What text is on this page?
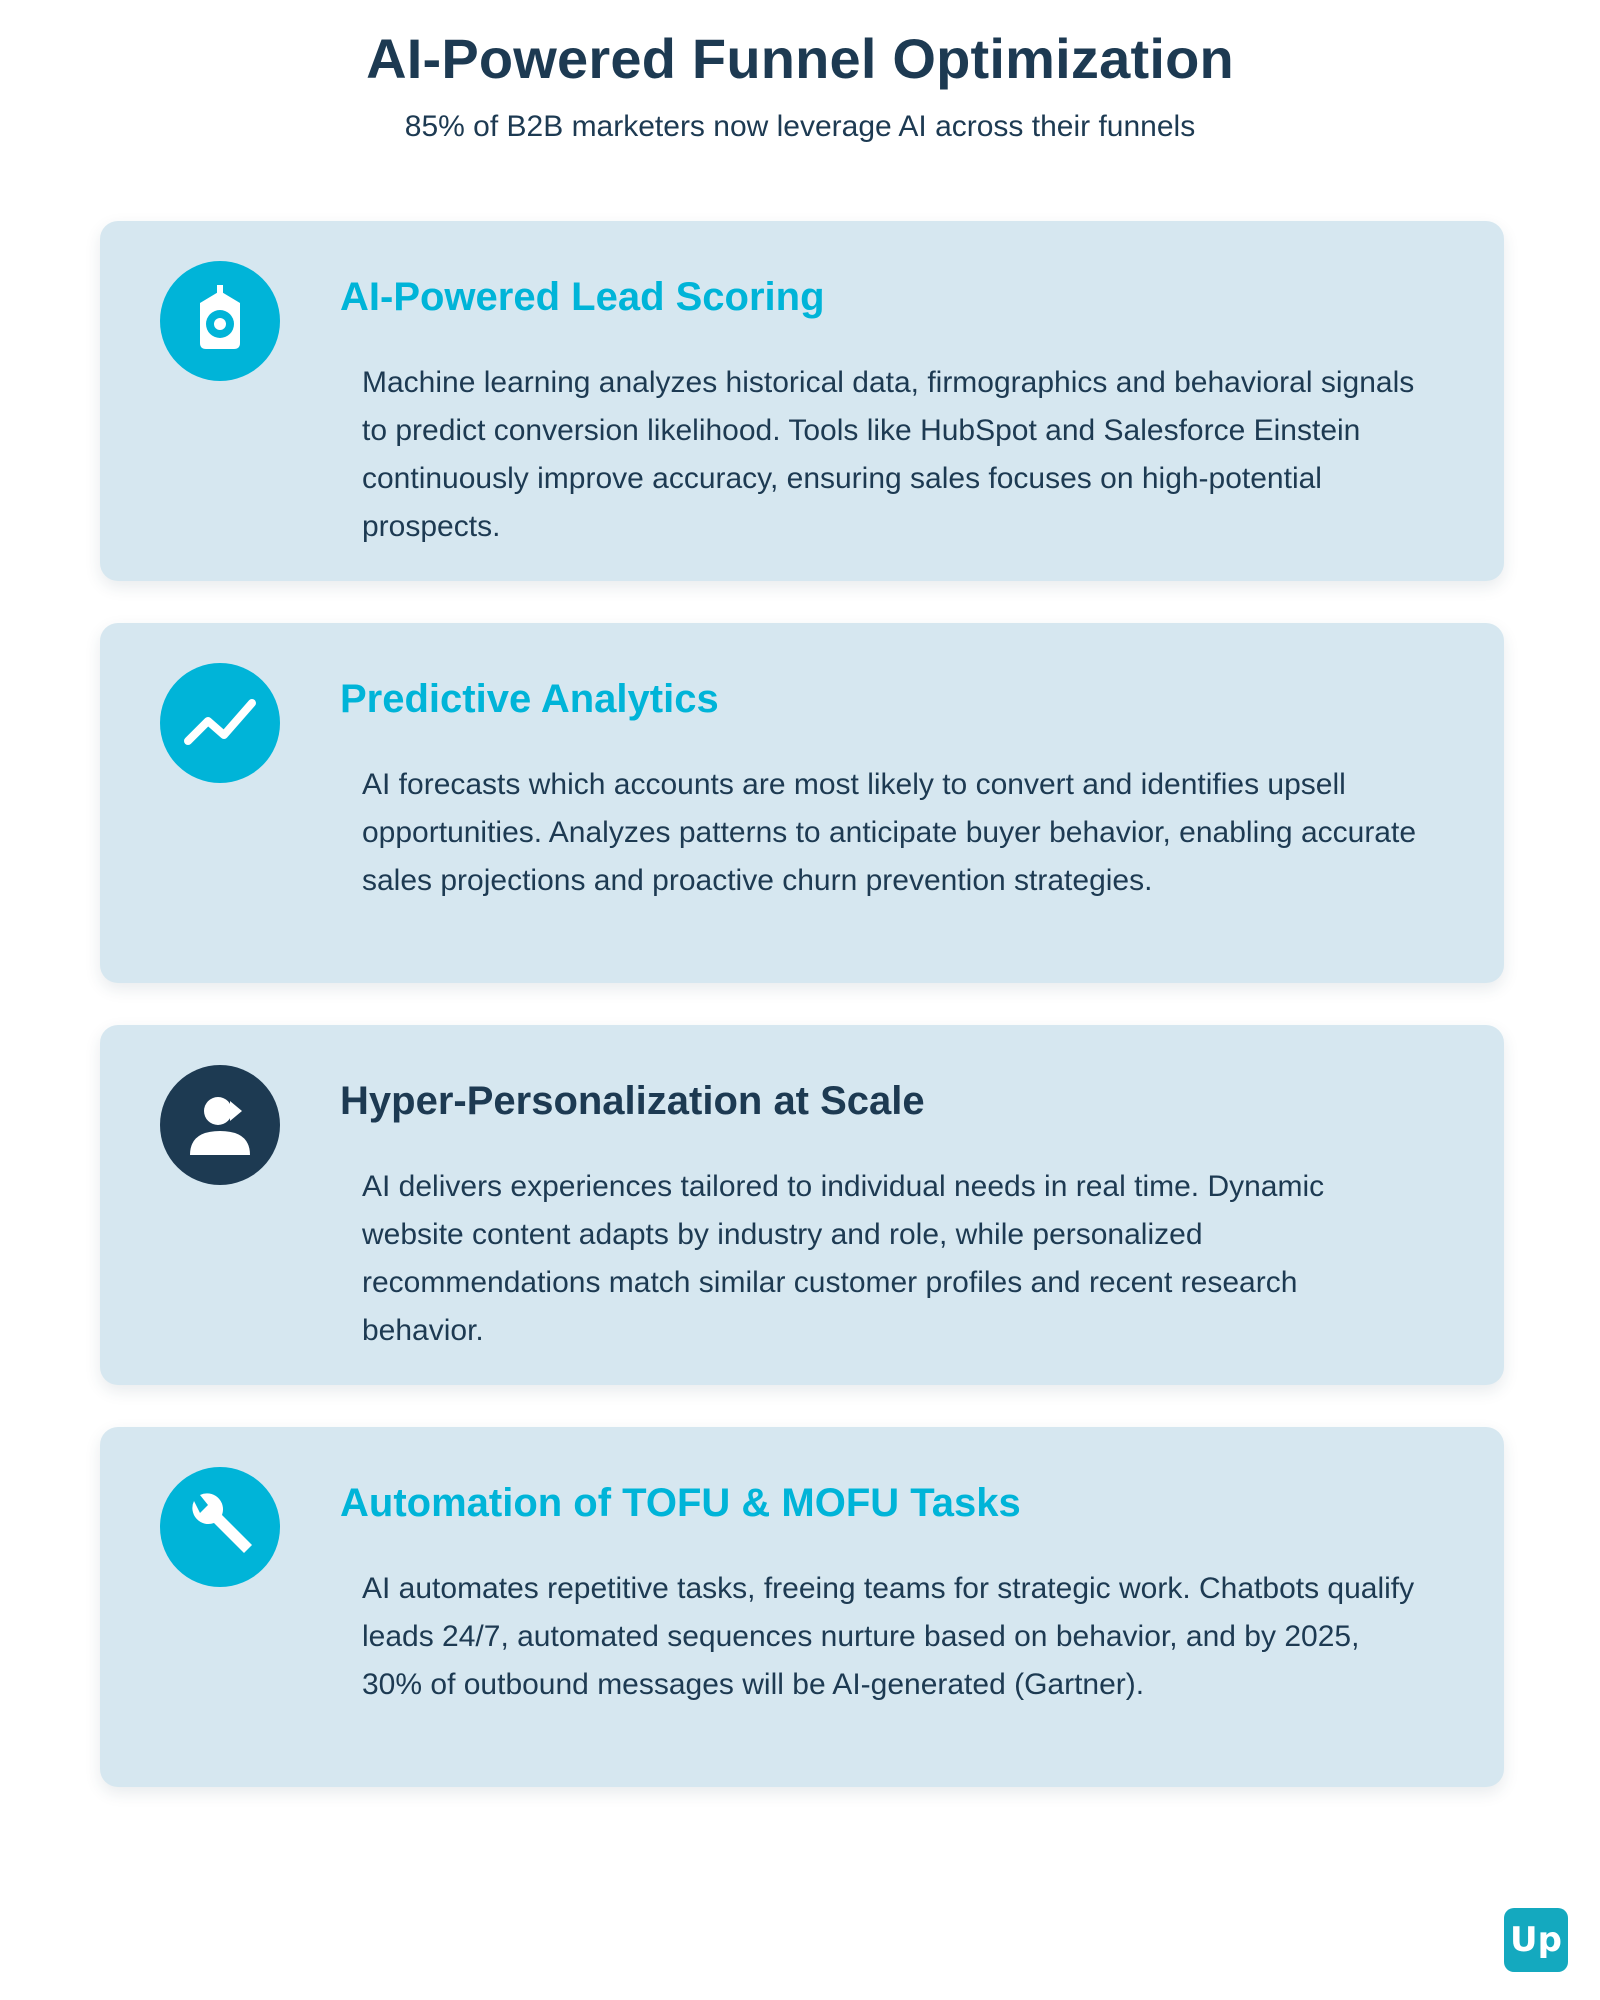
AI-Powered Funnel Optimization
85% of B2B marketers now leverage AI across their funnels
AI-Powered Lead Scoring
Machine learning analyzes historical data, firmographics and behavioral signals to predict conversion likelihood. Tools like HubSpot and Salesforce Einstein continuously improve accuracy, ensuring sales focuses on high-potential prospects.
Predictive Analytics
AI forecasts which accounts are most likely to convert and identifies upsell opportunities. Analyzes patterns to anticipate buyer behavior, enabling accurate sales projections and proactive churn prevention strategies.
Hyper-Personalization at Scale
AI delivers experiences tailored to individual needs in real time. Dynamic website content adapts by industry and role, while personalized recommendations match similar customer profiles and recent research behavior.
Automation of TOFU & MOFU Tasks
AI automates repetitive tasks, freeing teams for strategic work. Chatbots qualify leads 24/7, automated sequences nurture based on behavior, and by 2025, 30% of outbound messages will be AI-generated (Gartner).
Up
